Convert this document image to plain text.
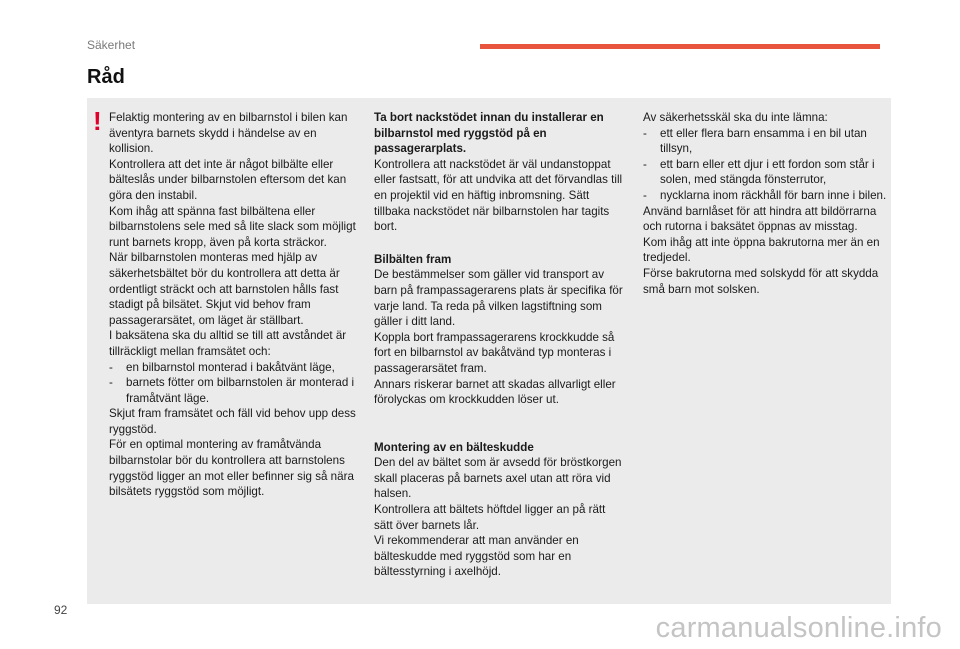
Säkerhet
Råd
! Felaktig montering av en bilbarnstol i bilen kan äventyra barnets skydd i händelse av en kollision.

Kontrollera att det inte är något bilbälte eller bälteslås under bilbarnstolen eftersom det kan göra den instabil.

Kom ihåg att spänna fast bilbältena eller bilbarnstolens sele med så lite slack som möjligt runt barnets kropp, även på korta sträckor.

När bilbarnstolen monteras med hjälp av säkerhetsbältet bör du kontrollera att detta är ordentligt sträckt och att barnstolen hålls fast stadigt på bilsätet. Skjut vid behov fram passagerarsätet, om läget är ställbart.

I baksätena ska du alltid se till att avståndet är tillräckligt mellan framsätet och:

-	en bilbarnstol monterad i bakåtvänt läge,
-	barnets fötter om bilbarnstolen är monterad i framåtvänt läge.

Skjut fram framsätet och fäll vid behov upp dess ryggstöd.

För en optimal montering av framåtvända bilbarnstolar bör du kontrollera att barnstolens ryggstöd ligger an mot eller befinner sig så nära bilsätets ryggstöd som möjligt.

Ta bort nackstödet innan du installerar en bilbarnstol med ryggstöd på en passagerarplats.

Kontrollera att nackstödet är väl undanstoppat eller fastsatt, för att undvika att det förvandlas till en projektil vid en häftig inbromsning. Sätt tillbaka nackstödet när bilbarnstolen har tagits bort.

Bilbälten fram

De bestämmelser som gäller vid transport av barn på frampassagerarens plats är specifika för varje land. Ta reda på vilken lagstiftning som gäller i ditt land.

Koppla bort frampassagerarens krockkudde så fort en bilbarnstol av bakåtvänd typ monteras i passagerarsätet fram.

Annars riskerar barnet att skadas allvarligt eller förolyckas om krockkudden löser ut.

Montering av en bälteskudde

Den del av bältet som är avsedd för bröstkorgen skall placeras på barnets axel utan att röra vid halsen.

Kontrollera att bältets höftdel ligger an på rätt sätt över barnets lår.

Vi rekommenderar att man använder en bälteskudde med ryggstöd som har en bältesstyrning i axelhöjd.

Av säkerhetsskäl ska du inte lämna:

-	ett eller flera barn ensamma i en bil utan tillsyn,
-	ett barn eller ett djur i ett fordon som står i solen, med stängda fönsterrutor,
-	nycklarna inom räckhåll för barn inne i bilen.

Använd barnlåset för att hindra att bildörrarna och rutorna i baksätet öppnas av misstag.

Kom ihåg att inte öppna bakrutorna mer än en tredjedel.

Förse bakrutorna med solskydd för att skydda små barn mot solsken.

92
carmanualsonline.info
